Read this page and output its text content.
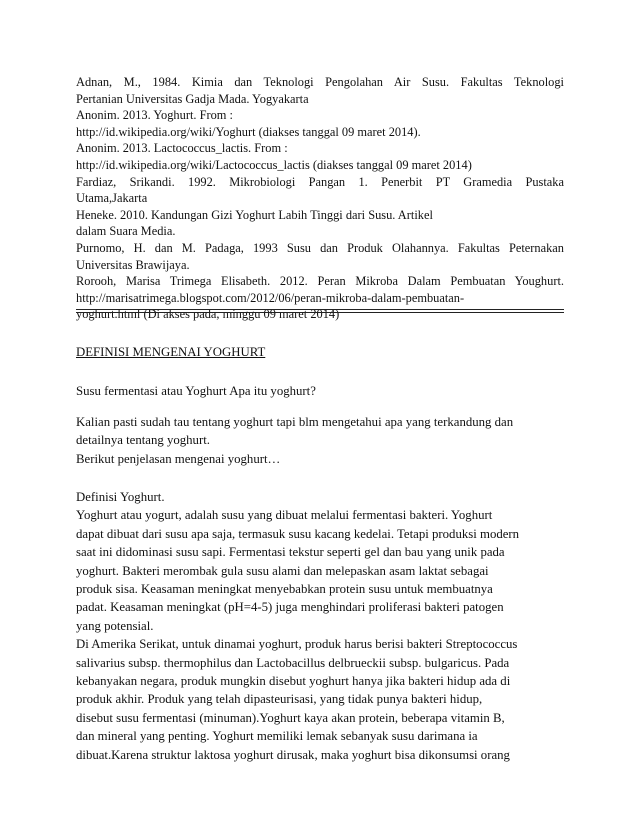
Adnan, M., 1984. Kimia dan Teknologi Pengolahan Air Susu. Fakultas Teknologi
Pertanian Universitas Gadja Mada. Yogyakarta
Anonim. 2013. Yoghurt. From :
http://id.wikipedia.org/wiki/Yoghurt (diakses tanggal 09 maret 2014).
Anonim. 2013. Lactococcus_lactis. From :
http://id.wikipedia.org/wiki/Lactococcus_lactis (diakses tanggal 09 maret 2014)
Fardiaz, Srikandi. 1992. Mikrobiologi Pangan 1. Penerbit PT Gramedia Pustaka
Utama,Jakarta
Heneke. 2010. Kandungan Gizi Yoghurt Labih Tinggi dari Susu. Artikel
dalam Suara Media.
Purnomo, H. dan M. Padaga, 1993 Susu dan Produk Olahannya. Fakultas Peternakan
Universitas Brawijaya.
Rorooh, Marisa Trimega Elisabeth. 2012. Peran Mikroba Dalam Pembuatan Youghurt.
http://marisatrimega.blogspot.com/2012/06/peran-mikroba-dalam-pembuatan-
yoghurt.html (Di akses pada, minggu 09 maret 2014)
DEFINISI MENGENAI YOGHURT
Susu fermentasi atau Yoghurt Apa itu yoghurt?
Kalian pasti sudah tau tentang yoghurt tapi blm mengetahui apa yang terkandung dan
detailnya tentang yoghurt.
Berikut penjelasan mengenai yoghurt…
Definisi Yoghurt.
Yoghurt atau yogurt, adalah susu yang dibuat melalui fermentasi bakteri. Yoghurt
dapat dibuat dari susu apa saja, termasuk susu kacang kedelai. Tetapi produksi modern
saat ini didominasi susu sapi. Fermentasi tekstur seperti gel dan bau yang unik pada
yoghurt. Bakteri merombak gula susu alami dan melepaskan asam laktat sebagai
produk sisa. Keasaman meningkat menyebabkan protein susu untuk membuatnya
padat. Keasaman meningkat (pH=4-5) juga menghindari proliferasi bakteri patogen
yang potensial.
Di Amerika Serikat, untuk dinamai yoghurt, produk harus berisi bakteri Streptococcus
salivarius subsp. thermophilus dan Lactobacillus delbrueckii subsp. bulgaricus. Pada
kebanyakan negara, produk mungkin disebut yoghurt hanya jika bakteri hidup ada di
produk akhir. Produk yang telah dipasteurisasi, yang tidak punya bakteri hidup,
disebut susu fermentasi (minuman).Yoghurt kaya akan protein, beberapa vitamin B,
dan mineral yang penting. Yoghurt memiliki lemak sebanyak susu darimana ia
dibuat.Karena struktur laktosa yoghurt dirusak, maka yoghurt bisa dikonsumsi orang
